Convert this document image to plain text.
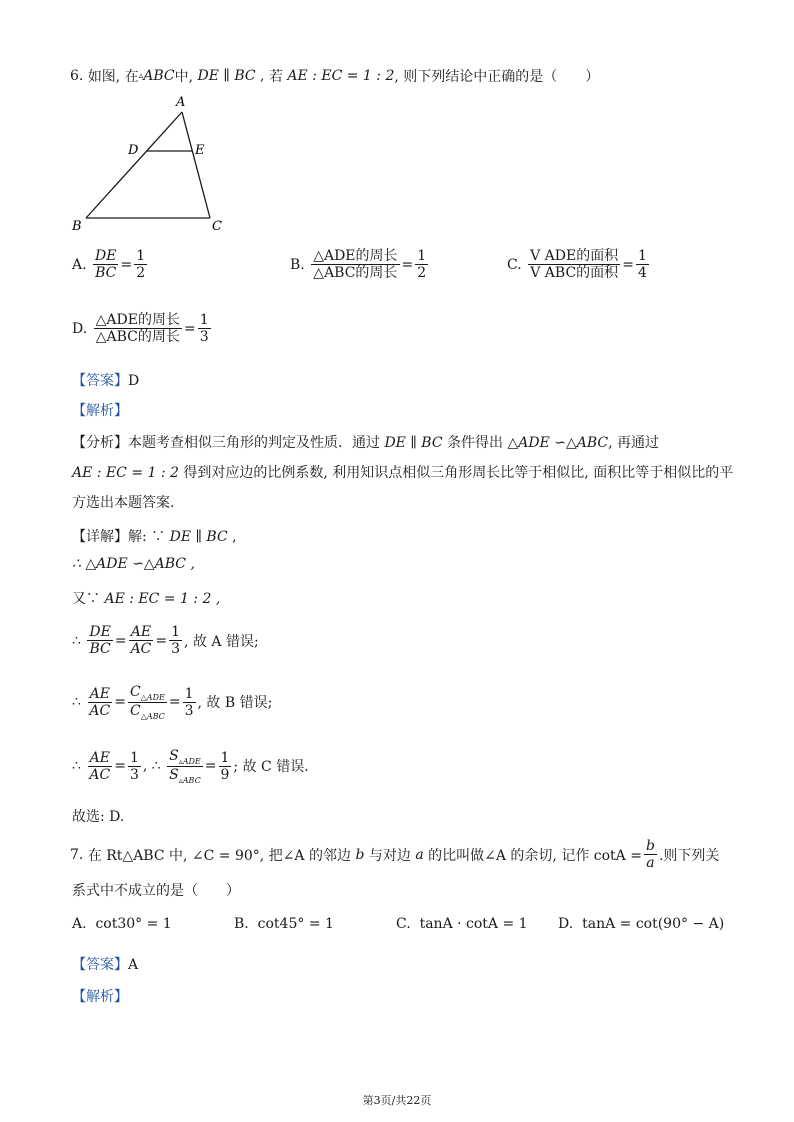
6.
如图, 在 ▵ ABC 中,
DE ∥ BC , 若
AE : EC = 1 : 2 , 则下列结论中正确的是（　　）
A
D	E
B	C
A.
$\frac{DE}{BC} = \frac{1}{2}$	B.
$\frac{\text{△ADE的周长}}{\text{△ABC的周长}} = \frac{1}{2}$	C.
$\frac{\text{V ADE的面积}}{\text{V ABC的面积}} = \frac{1}{4}$
D.
$\frac{\text{△ADE的周长}}{\text{△ABC的周长}} = \frac{1}{3}$
【答案】D
【解析】
【分析】本题考查相似三角形的判定及性质．通过 DE ∥ BC 条件得出 △ADE ∽△ABC, 再通过
AE : EC = 1 : 2 得到对应边的比例系数, 利用知识点相似三角形周长比等于相似比, 面积比等于相似比的平
方选出本题答案.
【详解】解: ∵ DE ∥ BC ,
∴ △ADE ∽△ABC ,
又∵ AE : EC = 1 : 2 ,
∴
$\frac{DE}{BC} = \frac{AE}{AC} = \frac{1}{3}$ , 故 A 错误;
∴
$\frac{AE}{AC} = \frac{C_{\triangle ADE}}{C_{\triangle ABC}} = \frac{1}{3}$ , 故 B 错误;
∴
$\frac{AE}{AC} = \frac{1}{3}$ , ∴
$\frac{S_{▵ADE}}{S_{▵ABC}} = \frac{1}{9}$ ; 故 C 错误.
故选: D.
7.
在 Rt△ABC 中, ∠C = 90°, 把∠A 的邻边
b
与对边
a
的比叫做∠A 的余切, 记作 $\cot A = \frac{b}{a}$ .则下列关
系式中不成立的是（　　）
A. cot30° = 1	B. cot45° = 1	C. tanA · cotA = 1 D. tanA = cot(90° − A)
【答案】A
【解析】
第3页/共22页
